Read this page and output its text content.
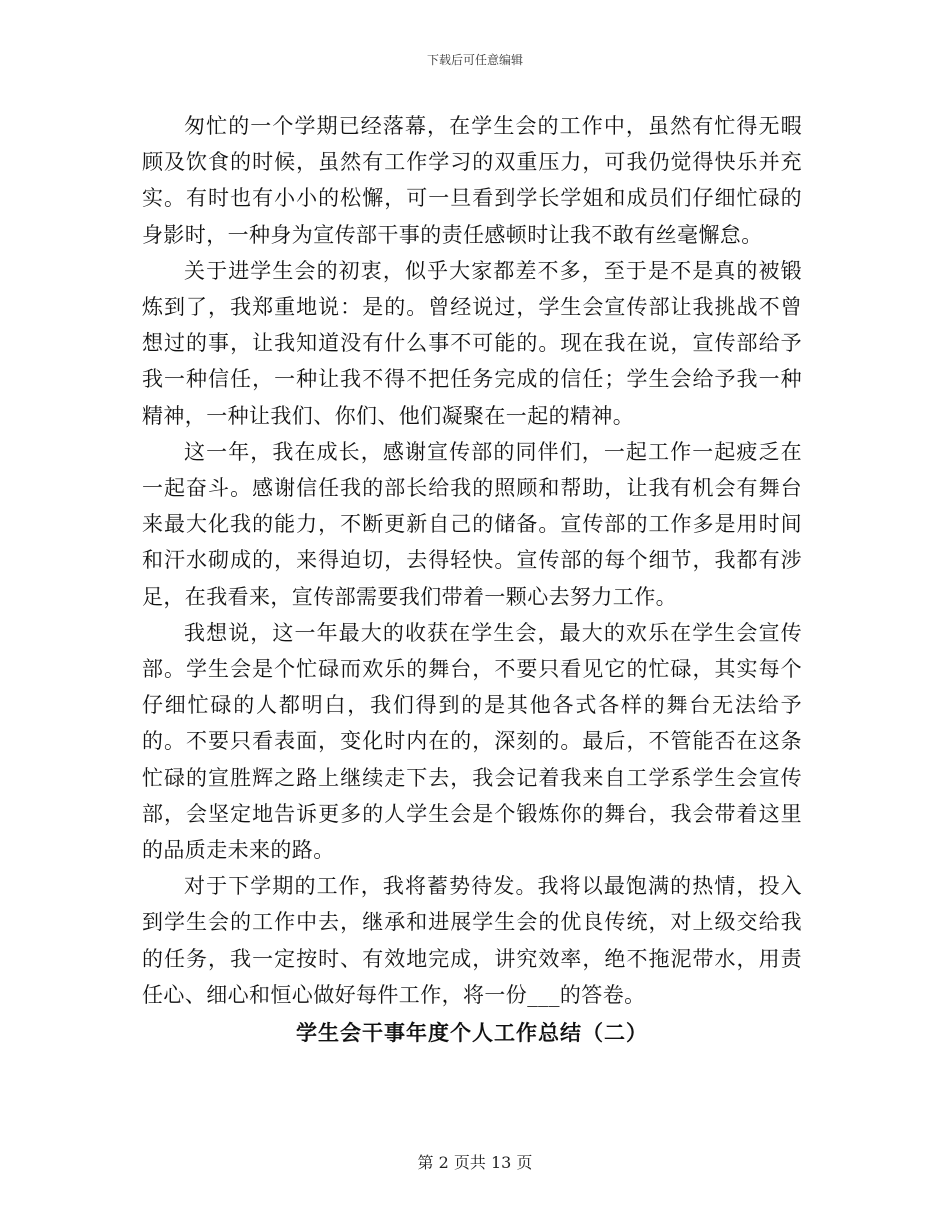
下载后可任意编辑

匆忙的一个学期已经落幕，在学生会的工作中，虽然有忙得无暇顾及饮食的时候，虽然有工作学习的双重压力，可我仍觉得快乐并充实。有时也有小小的松懈，可一旦看到学长学姐和成员们仔细忙碌的身影时，一种身为宣传部干事的责任感顿时让我不敢有丝毫懈怠。

关于进学生会的初衷，似乎大家都差不多，至于是不是真的被锻炼到了，我郑重地说：是的。曾经说过，学生会宣传部让我挑战不曾想过的事，让我知道没有什么事不可能的。现在我在说，宣传部给予我一种信任，一种让我不得不把任务完成的信任；学生会给予我一种精神，一种让我们、你们、他们凝聚在一起的精神。

这一年，我在成长，感谢宣传部的同伴们，一起工作一起疲乏在一起奋斗。感谢信任我的部长给我的照顾和帮助，让我有机会有舞台来最大化我的能力，不断更新自己的储备。宣传部的工作多是用时间和汗水砌成的，来得迫切，去得轻快。宣传部的每个细节，我都有涉足，在我看来，宣传部需要我们带着一颗心去努力工作。

我想说，这一年最大的收获在学生会，最大的欢乐在学生会宣传部。学生会是个忙碌而欢乐的舞台，不要只看见它的忙碌，其实每个仔细忙碌的人都明白，我们得到的是其他各式各样的舞台无法给予的。不要只看表面，变化时内在的，深刻的。最后，不管能否在这条忙碌的宣胜辉之路上继续走下去，我会记着我来自工学系学生会宣传部，会坚定地告诉更多的人学生会是个锻炼你的舞台，我会带着这里的品质走未来的路。

对于下学期的工作，我将蓄势待发。我将以最饱满的热情，投入到学生会的工作中去，继承和进展学生会的优良传统，对上级交给我的任务，我一定按时、有效地完成，讲究效率，绝不拖泥带水，用责任心、细心和恒心做好每件工作，将一份___的答卷。

学生会干事年度个人工作总结（二）
第 2 页共 13 页
